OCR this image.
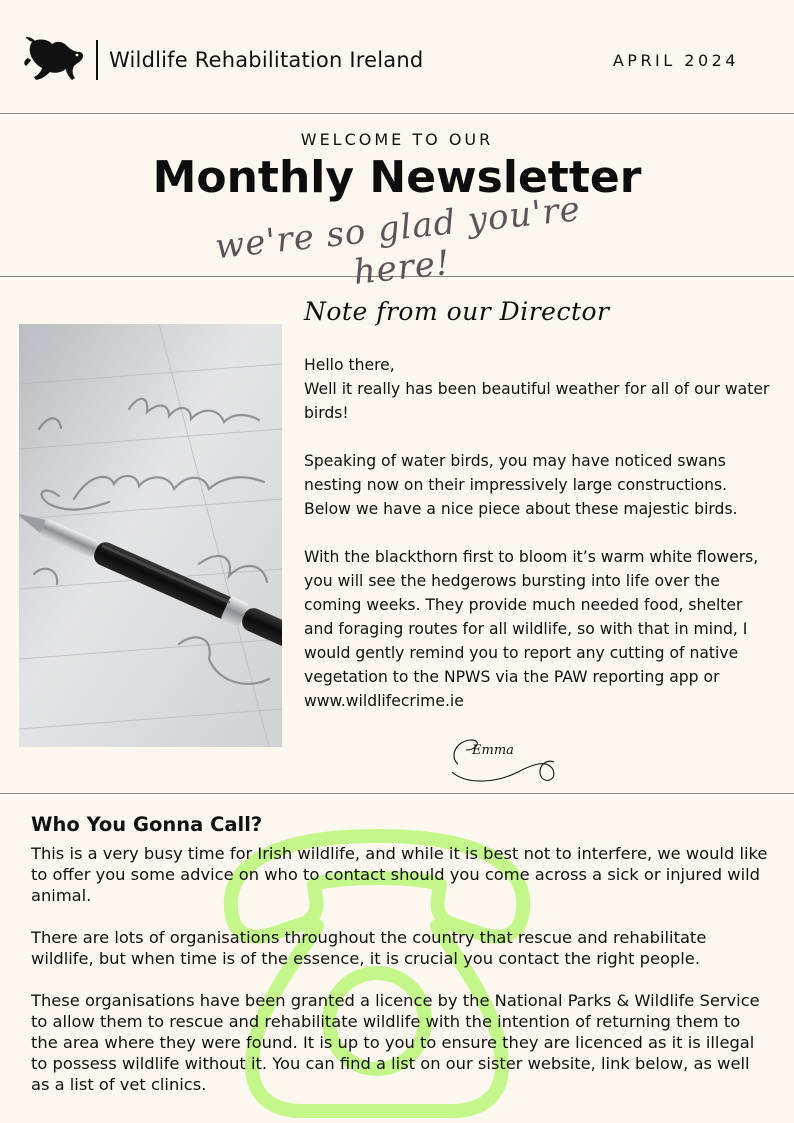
Wildlife Rehabilitation Ireland	APRIL 2024
WELCOME TO OUR
Monthly Newsletter
we're so glad you're here!
Note from our Director

Hello there,
Well it really has been beautiful weather for all of our water birds!

Speaking of water birds, you may have noticed swans nesting now on their impressively large constructions. Below we have a nice piece about these majestic birds.

With the blackthorn first to bloom it’s warm white flowers, you will see the hedgerows bursting into life over the coming weeks. They provide much needed food, shelter and foraging routes for all wildlife, so with that in mind, I would gently remind you to report any cutting of native vegetation to the NPWS via the PAW reporting app or www.wildlifecrime.ie

Emma
Who You Gonna Call?

This is a very busy time for Irish wildlife, and while it is best not to interfere, we would like to offer you some advice on who to contact should you come across a sick or injured wild animal.

There are lots of organisations throughout the country that rescue and rehabilitate wildlife, but when time is of the essence, it is crucial you contact the right people.

These organisations have been granted a licence by the National Parks & Wildlife Service to allow them to rescue and rehabilitate wildlife with the intention of returning them to the area where they were found. It is up to you to ensure they are licenced as it is illegal to possess wildlife without it. You can find a list on our sister website, link below, as well as a list of vet clinics.
